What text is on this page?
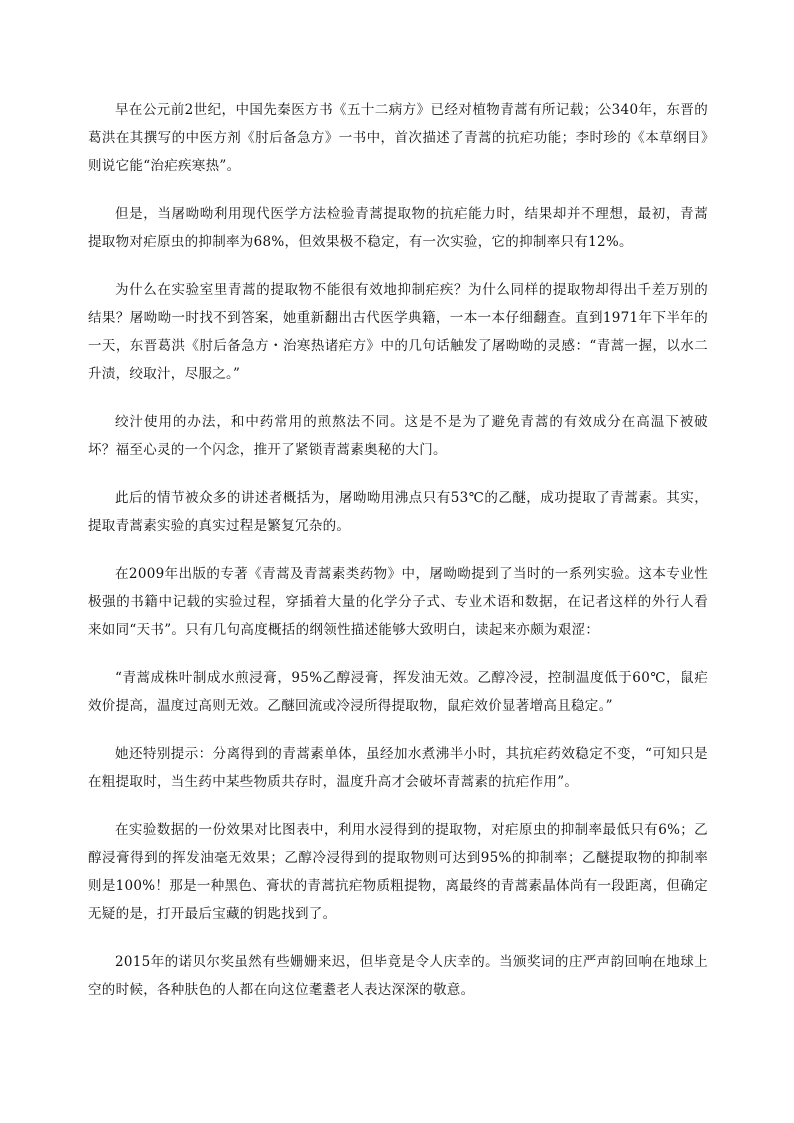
早在公元前2世纪，中国先秦医方书《五十二病方》已经对植物青蒿有所记载；公340年，东晋的葛洪在其撰写的中医方剂《肘后备急方》一书中，首次描述了青蒿的抗疟功能；李时珍的《本草纲目》则说它能“治疟疾寒热”。

但是，当屠呦呦利用现代医学方法检验青蒿提取物的抗疟能力时，结果却并不理想，最初，青蒿提取物对疟原虫的抑制率为68%，但效果极不稳定，有一次实验，它的抑制率只有12%。

为什么在实验室里青蒿的提取物不能很有效地抑制疟疾？为什么同样的提取物却得出千差万别的结果？屠呦呦一时找不到答案，她重新翻出古代医学典籍，一本一本仔细翻查。直到1971年下半年的一天，东晋葛洪《肘后备急方・治寒热诸疟方》中的几句话触发了屠呦呦的灵感：“青蒿一握，以水二升渍，绞取汁，尽服之。”

绞汁使用的办法，和中药常用的煎熬法不同。这是不是为了避免青蒿的有效成分在高温下被破坏？福至心灵的一个闪念，推开了紧锁青蒿素奥秘的大门。

此后的情节被众多的讲述者概括为，屠呦呦用沸点只有53℃的乙醚，成功提取了青蒿素。其实，提取青蒿素实验的真实过程是繁复冗杂的。

在2009年出版的专著《青蒿及青蒿素类药物》中，屠呦呦提到了当时的一系列实验。这本专业性极强的书籍中记载的实验过程，穿插着大量的化学分子式、专业术语和数据，在记者这样的外行人看来如同“天书”。只有几句高度概括的纲领性描述能够大致明白，读起来亦颇为艰涩：

“青蒿成株叶制成水煎浸膏，95%乙醇浸膏，挥发油无效。乙醇冷浸，控制温度低于60℃，鼠疟效价提高，温度过高则无效。乙醚回流或冷浸所得提取物，鼠疟效价显著增高且稳定。”

她还特别提示：分离得到的青蒿素单体，虽经加水煮沸半小时，其抗疟药效稳定不变，“可知只是在粗提取时，当生药中某些物质共存时，温度升高才会破坏青蒿素的抗疟作用”。

在实验数据的一份效果对比图表中，利用水浸得到的提取物，对疟原虫的抑制率最低只有6%；乙醇浸膏得到的挥发油毫无效果；乙醇冷浸得到的提取物则可达到95%的抑制率；乙醚提取物的抑制率则是100%！那是一种黑色、膏状的青蒿抗疟物质粗提物，离最终的青蒿素晶体尚有一段距离，但确定无疑的是，打开最后宝藏的钥匙找到了。

2015年的诺贝尔奖虽然有些姗姗来迟，但毕竟是令人庆幸的。当颁奖词的庄严声韵回响在地球上空的时候，各种肤色的人都在向这位耄耋老人表达深深的敬意。
